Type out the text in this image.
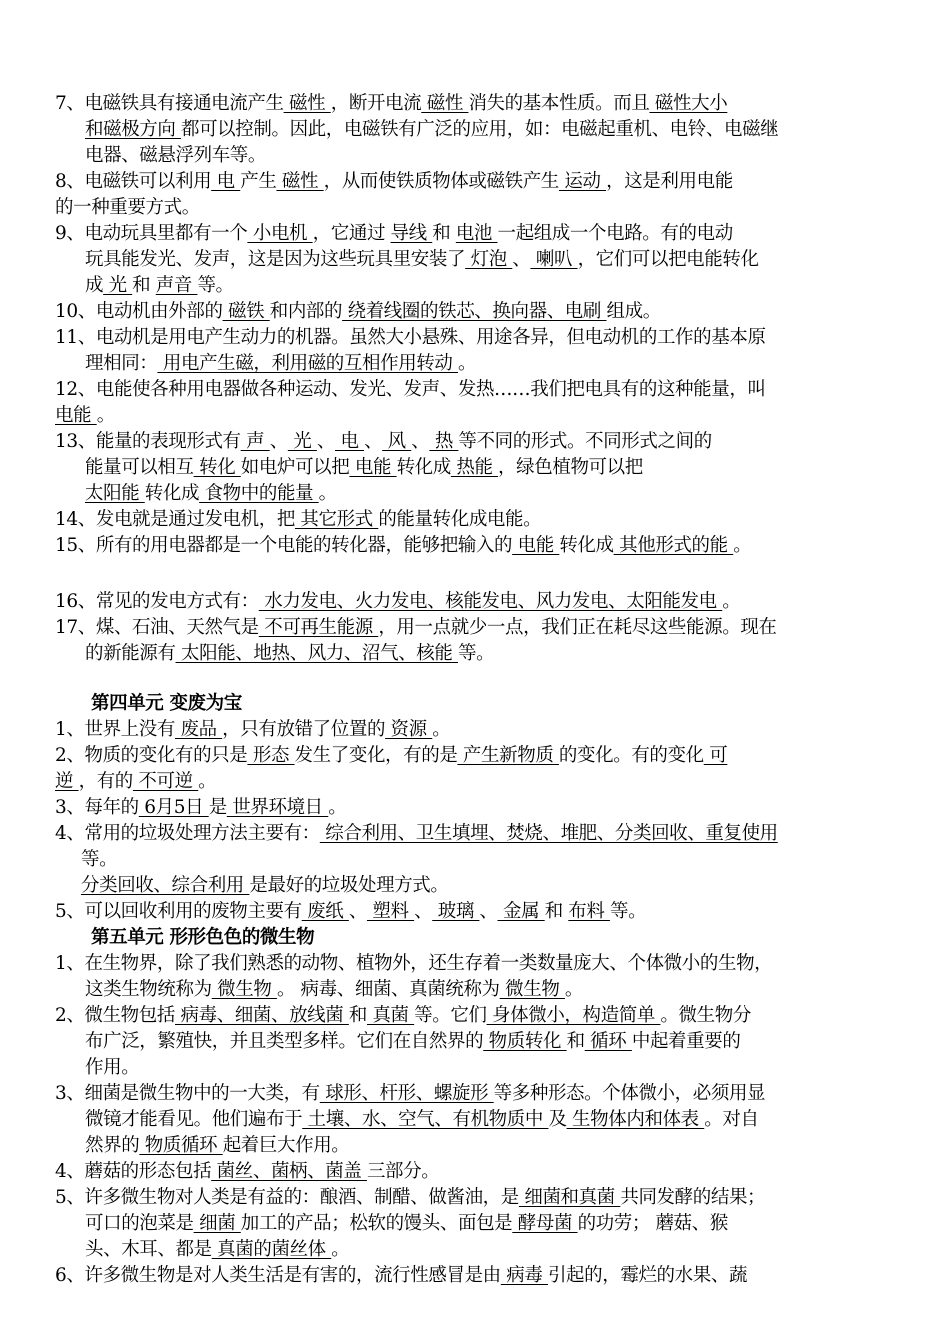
7、电磁铁具有接通电流产生 磁性 ，断开电流 磁性 消失的基本性质。而且 磁性大小
和磁极方向 都可以控制。因此，电磁铁有广泛的应用，如：电磁起重机、电铃、电磁继
电器、磁悬浮列车等。
8、电磁铁可以利用 电 产生 磁性 ，从而使铁质物体或磁铁产生 运动 ，这是利用电能
的一种重要方式。
9、电动玩具里都有一个 小电机 ，它通过 导线 和 电池 一起组成一个电路。有的电动
玩具能发光、发声，这是因为这些玩具里安装了 灯泡 、 喇叭 ，它们可以把电能转化
成 光 和 声音 等。
10、电动机由外部的 磁铁 和内部的 绕着线圈的铁芯、换向器、电刷 组成。
11、电动机是用电产生动力的机器。虽然大小悬殊、用途各异，但电动机的工作的基本原
理相同： 用电产生磁，利用磁的互相作用转动 。
12、电能使各种用电器做各种运动、发光、发声、发热……我们把电具有的这种能量，叫
电能 。
13、能量的表现形式有 声 、 光 、 电 、 风 、 热 等不同的形式。不同形式之间的
能量可以相互 转化 如电炉可以把 电能 转化成 热能 ，绿色植物可以把
太阳能 转化成 食物中的能量 。
14、发电就是通过发电机，把 其它形式 的能量转化成电能。
15、所有的用电器都是一个电能的转化器，能够把输入的 电能 转化成 其他形式的能 。
16、常见的发电方式有： 水力发电、火力发电、核能发电、风力发电、太阳能发电 。
17、煤、石油、天然气是 不可再生能源 ，用一点就少一点，我们正在耗尽这些能源。现在
的新能源有 太阳能、地热、风力、沼气、核能 等。
第四单元 变废为宝
1、世界上没有 废品 ，只有放错了位置的 资源 。
2、物质的变化有的只是 形态 发生了变化，有的是 产生新物质 的变化。有的变化 可
逆 ，有的 不可逆 。
3、每年的 6月5日 是 世界环境日 。
4、常用的垃圾处理方法主要有： 综合利用、卫生填埋、焚烧、堆肥、分类回收、重复使用
等。
分类回收、综合利用 是最好的垃圾处理方式。
5、可以回收利用的废物主要有 废纸 、 塑料 、 玻璃 、 金属 和 布料 等。
第五单元 形形色色的微生物
1、在生物界，除了我们熟悉的动物、植物外，还生存着一类数量庞大、个体微小的生物，
这类生物统称为 微生物 。 病毒、细菌、真菌统称为 微生物 。
2、微生物包括 病毒、细菌、放线菌 和 真菌 等。它们 身体微小，构造简单 。微生物分
布广泛，繁殖快，并且类型多样。它们在自然界的 物质转化 和 循环 中起着重要的
作用。
3、细菌是微生物中的一大类，有 球形、杆形、螺旋形 等多种形态。个体微小，必须用显
微镜才能看见。他们遍布于 土壤、水、空气、有机物质中 及 生物体内和体表 。对自
然界的 物质循环 起着巨大作用。
4、蘑菇的形态包括 菌丝、菌柄、菌盖 三部分。
5、许多微生物对人类是有益的：酿酒、制醋、做酱油，是 细菌和真菌 共同发酵的结果；
可口的泡菜是 细菌 加工的产品；松软的馒头、面包是 酵母菌 的功劳； 蘑菇、猴
头、木耳、都是 真菌的菌丝体 。
6、许多微生物是对人类生活是有害的，流行性感冒是由 病毒 引起的，霉烂的水果、蔬
